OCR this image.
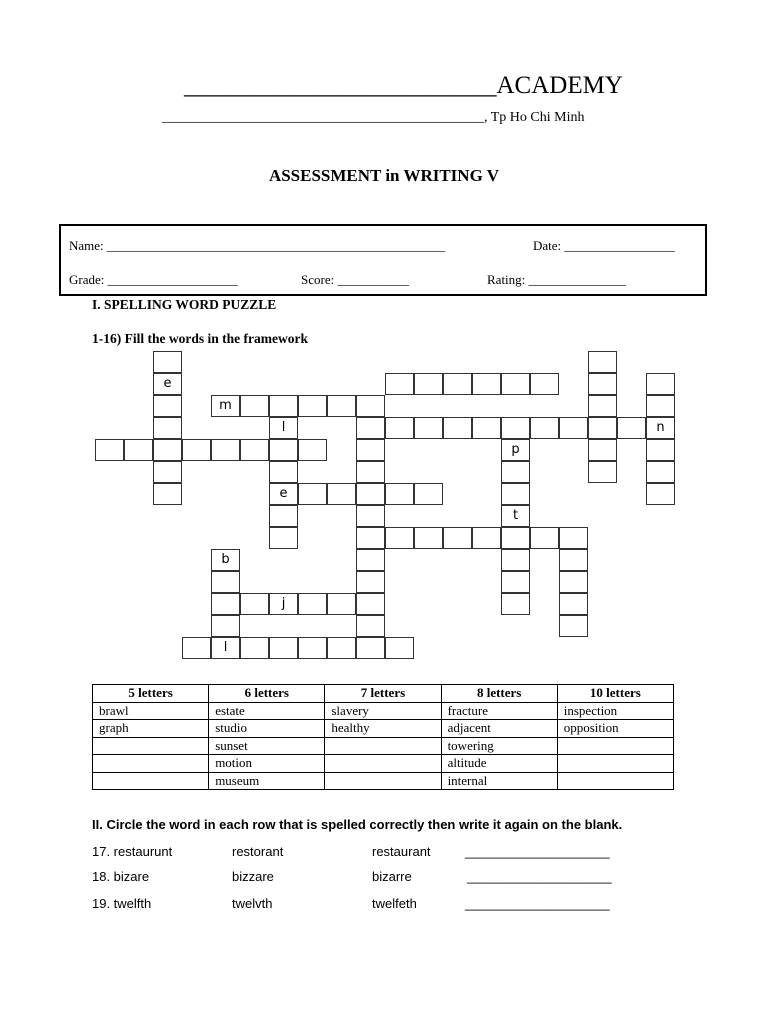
_________________________ACADEMY
______________________________________________, Tp Ho Chi Minh
ASSESSMENT in WRITING V
Name: ____________________________________________________	Date: _________________
Grade: ____________________	Score: ___________	Rating: _______________
I. SPELLING WORD PUZZLE
1-16) Fill the words in the framework
e
m
l
e
n
p
t
b
l
j
5 letters	6 letters	7 letters	8 letters	10 letters
brawl	estate	slavery	fracture	inspection
graph	studio	healthy	adjacent	opposition
	sunset		towering	
	motion		altitude	
	museum		internal	
II. Circle the word in each row that is spelled correctly then write it again on the blank.
17. restaurunt	restorant	restaurant	____________________
18. bizare	bizzare	bizarre	____________________
19. twelfth	twelvth	twelfeth	____________________
